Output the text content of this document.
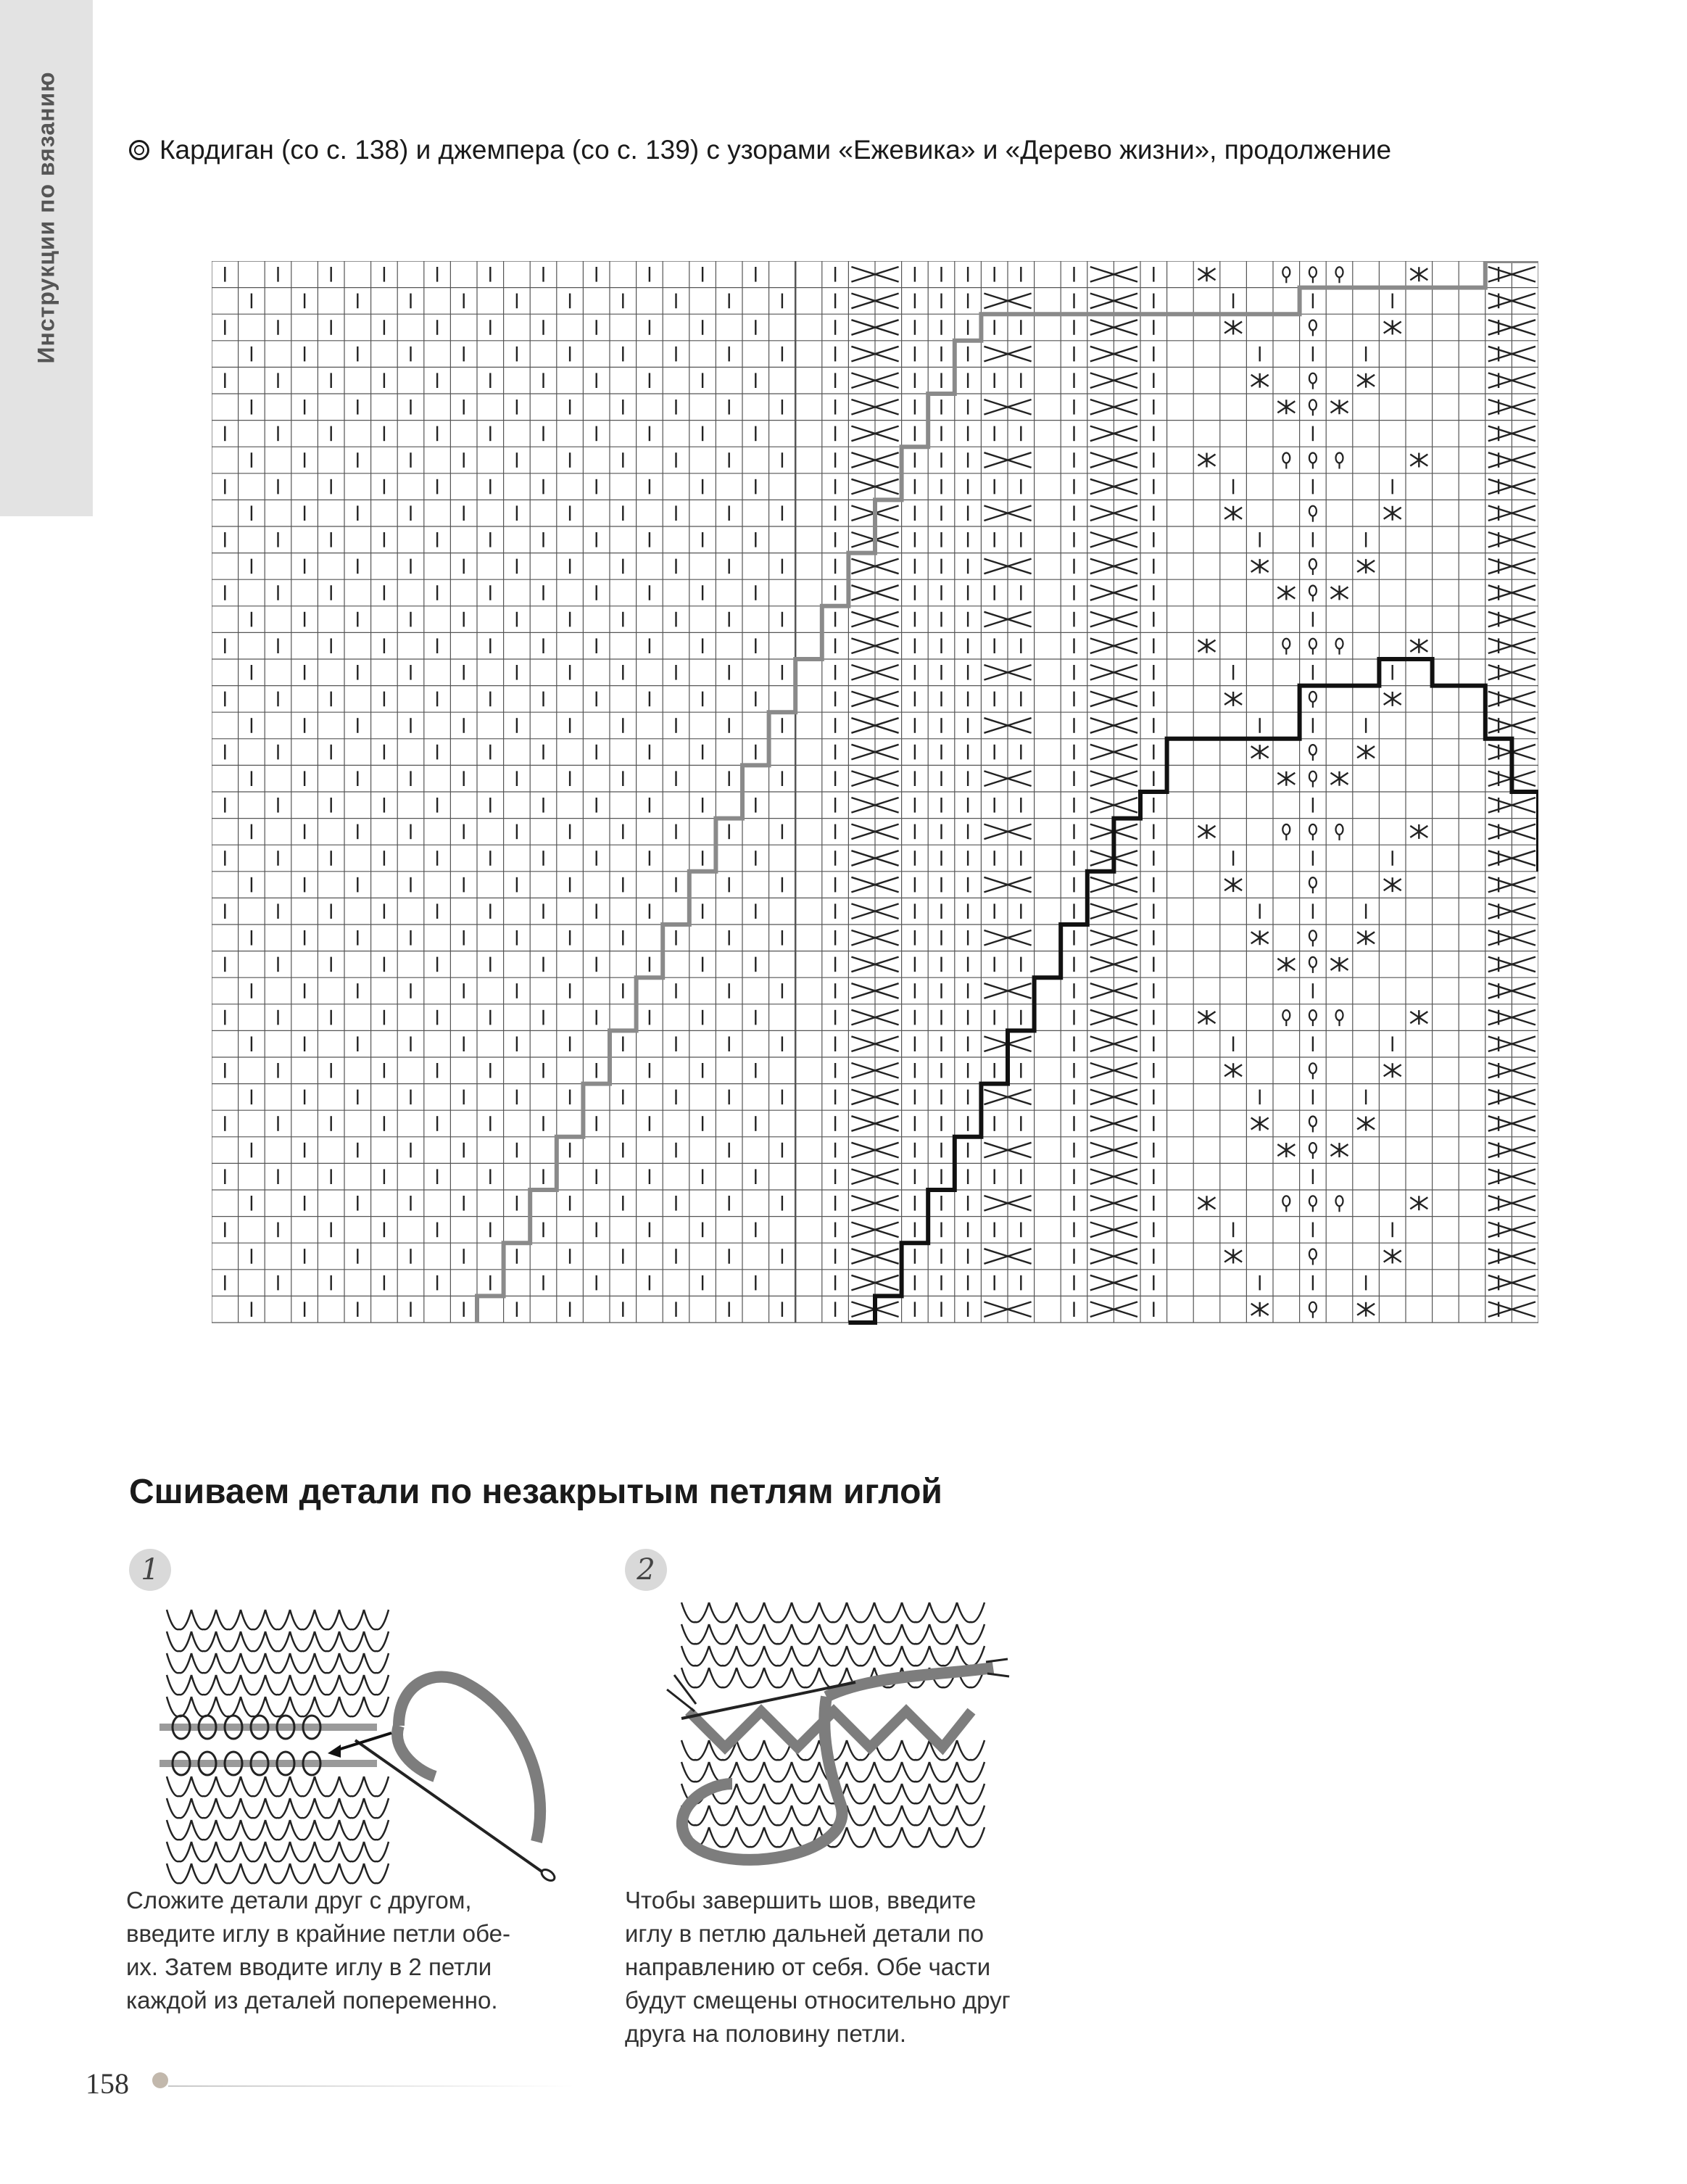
Инструкции по вязанию	Кардиган (со с. 138) и джемпера (со с. 139) с узорами «Ежевика» и «Дерево жизни», продолжение
Сшиваем детали по незакрытым петлям иглой
1
Сложите детали друг с другом,
введите иглу в крайние петли обе-
их. Затем вводите иглу в 2 петли
каждой из деталей попеременно.
2
Чтобы завершить шов, введите
иглу в петлю дальней детали по
направлению от себя. Обе части
будут смещены относительно друг
друга на половину петли.
158
